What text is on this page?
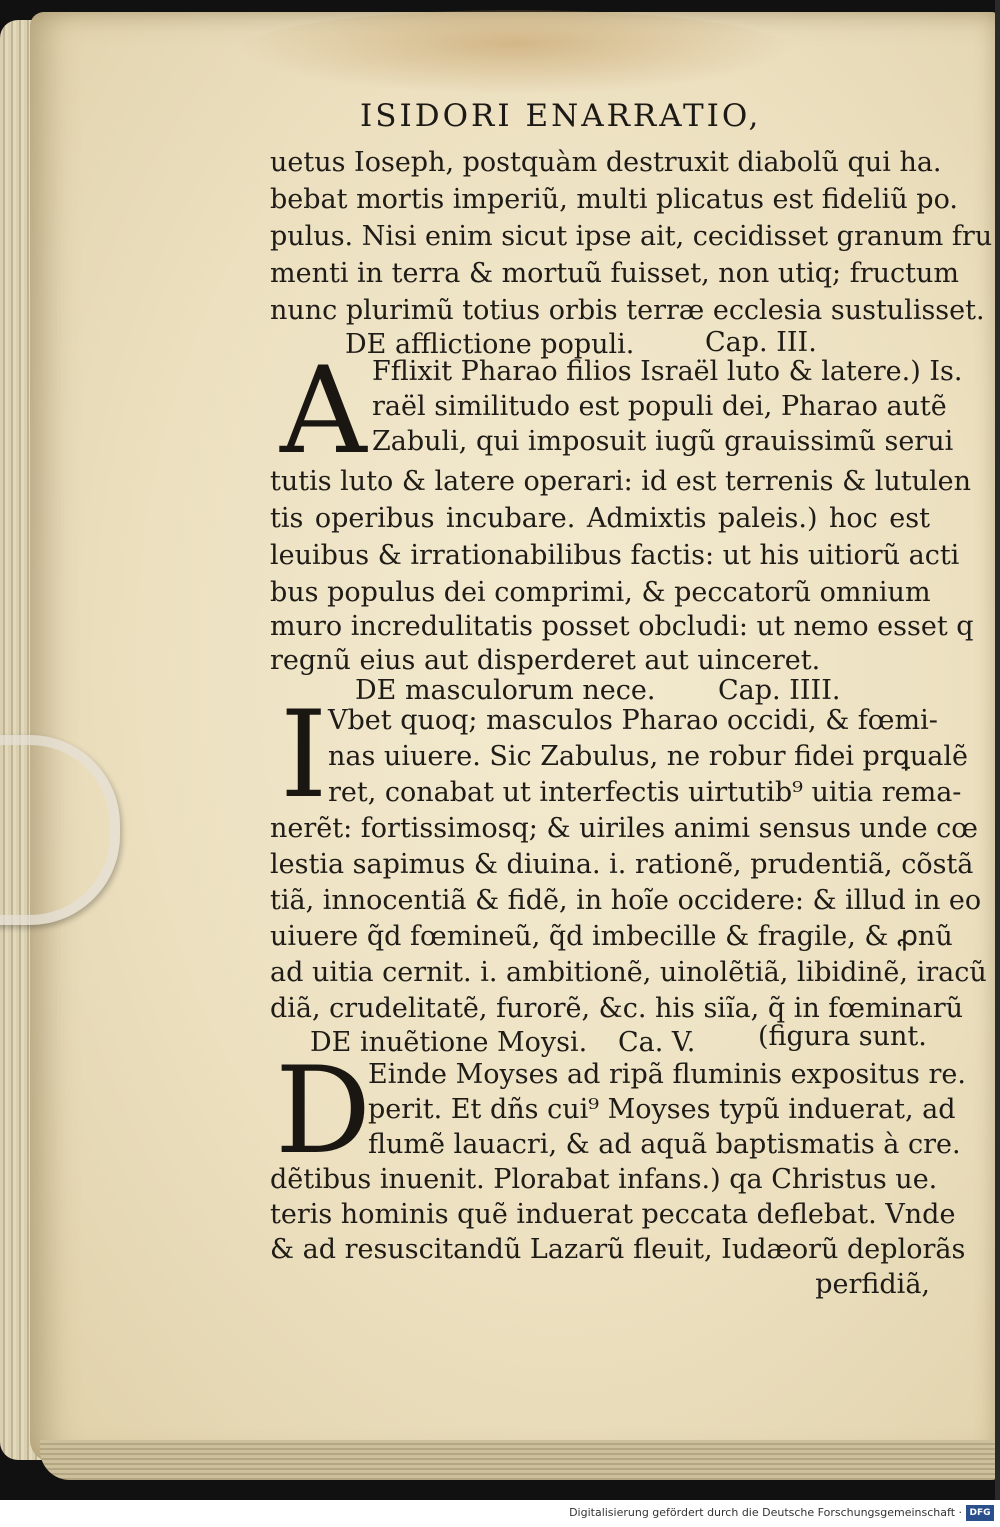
ISIDORI ENARRATIO,
uetus Ioseph, postquàm destruxit diabolũ qui ha.
bebat mortis imperiũ, multi plicatus est fideliũ po.
pulus. Nisi enim sicut ipse ait, cecidisset granum fru
menti in terra & mortuũ fuisset, non utiq; fructum
nunc plurimũ totius orbis terræ ecclesia sustulisset.
DE afflictione populi.	Cap. III.
A Fflixit Pharao filios Israël luto & latere.) Is.
raël similitudo est populi dei, Pharao autẽ
Zabuli, qui imposuit iugũ grauissimũ serui
tutis luto & latere operari: id est terrenis & lutulen
tis operibus incubare. Admixtis paleis.) hoc est
leuibus & irrationabilibus factis: ut his uitiorũ acti
bus populus dei comprimi, & peccatorũ omnium
muro incredulitatis posset obcludi: ut nemo esset q
regnũ eius aut disperderet aut uinceret.
DE masculorum nece. Cap. IIII.
I Vbet quoq; masculos Pharao occidi, & fœmi-
nas uiuere. Sic Zabulus, ne robur fidei prꝗualẽ
ret, conabat ut interfectis uirtutib⁹ uitia rema-
nerẽt: fortissimosq; & uiriles animi sensus unde cœ
lestia sapimus & diuina. i. rationẽ, prudentiã, cõstã
tiã, innocentiã & fidẽ, in hoĩe occidere: & illud in eo
uiuere q̃d fœmineũ, q̃d imbecille & fragile, & ꝓnũ
ad uitia cernit. i. ambitionẽ, uinolẽtiã, libidinẽ, iracũ
diã, crudelitatẽ, furorẽ, &c. his siĩa, q̃ in fœminarũ
DE inuẽtione Moysi. Ca. V.	(figura sunt.
D
Einde Moyses ad ripã fluminis expositus re.
perit. Et dñs cui⁹ Moyses typũ induerat, ad
flumẽ lauacri, & ad aquã baptismatis à cre.
dẽtibus inuenit. Plorabat infans.) qa Christus ue.
teris hominis quẽ induerat peccata deflebat. Vnde
& ad resuscitandũ Lazarũ fleuit, Iudæorũ deplorãs
perfidiã,
Digitalisierung gefördert durch die Deutsche Forschungsgemeinschaft · DFG
